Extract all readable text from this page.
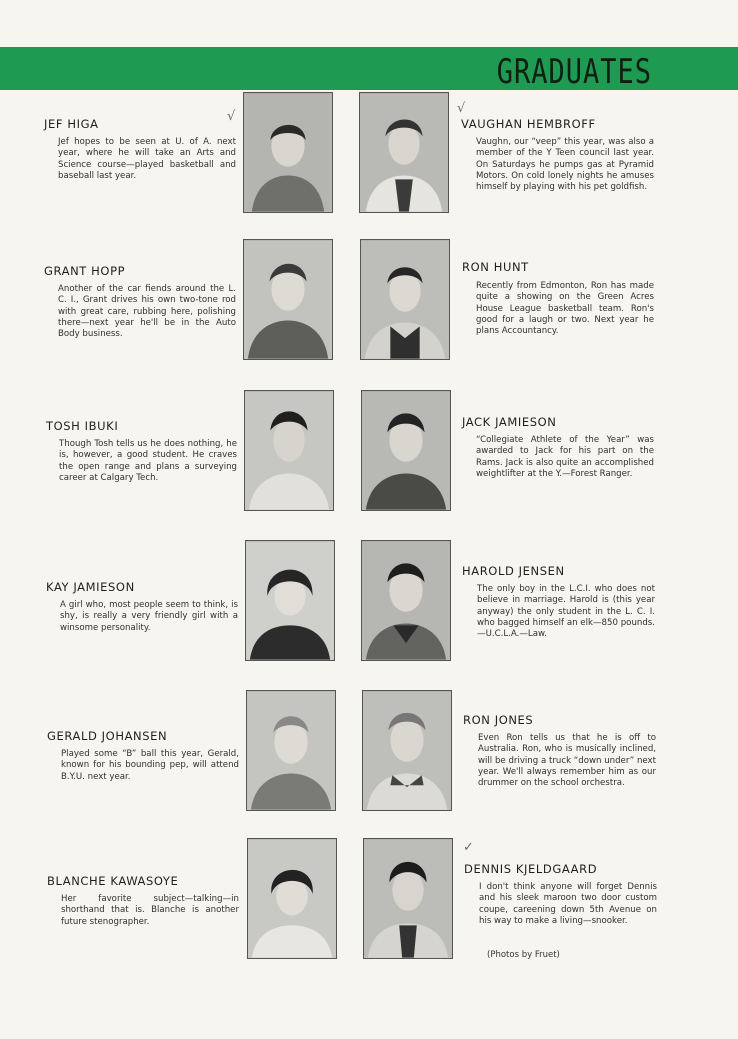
GRADUATES
JEF HIGA
Jef hopes to be seen at U. of A. next year, where he will take an Arts and Science course—played basketball and baseball last year.
√
√
VAUGHAN HEMBROFF
Vaughn, our “veep” this year, was also a member of the Y Teen council last year. On Saturdays he pumps gas at Pyramid Motors. On cold lonely nights he amuses himself by playing with his pet goldfish.
GRANT HOPP
Another of the car fiends around the L. C. I., Grant drives his own two-tone rod with great care, rubbing here, polishing there—next year he'll be in the Auto Body business.
RON HUNT
Recently from Edmonton, Ron has made quite a showing on the Green Acres House League basketball team. Ron's good for a laugh or two. Next year he plans Accountancy.
TOSH IBUKI
Though Tosh tells us he does nothing, he is, however, a good student. He craves the open range and plans a surveying career at Calgary Tech.
JACK JAMIESON
“Collegiate Athlete of the Year” was awarded to Jack for his part on the Rams. Jack is also quite an accomplished weightlifter at the Y.—Forest Ranger.
KAY JAMIESON
A girl who, most people seem to think, is shy, is really a very friendly girl with a winsome personality.
HAROLD JENSEN
The only boy in the L.C.I. who does not believe in marriage. Harold is (this year anyway) the only student in the L. C. I. who bagged himself an elk—850 pounds.—U.C.L.A.—Law.
GERALD JOHANSEN
Played some “B” ball this year, Gerald, known for his bounding pep, will attend B.Y.U. next year.
RON JONES
Even Ron tells us that he is off to Australia. Ron, who is musically inclined, will be driving a truck “down under” next year. We'll always remember him as our drummer on the school orchestra.
BLANCHE KAWASOYE
Her favorite subject—talking—in shorthand that is. Blanche is another future stenographer.
✓
DENNIS KJELDGAARD
I don't think anyone will forget Dennis and his sleek maroon two door custom coupe, careening down 5th Avenue on his way to make a living—snooker.
(Photos by Fruet)
